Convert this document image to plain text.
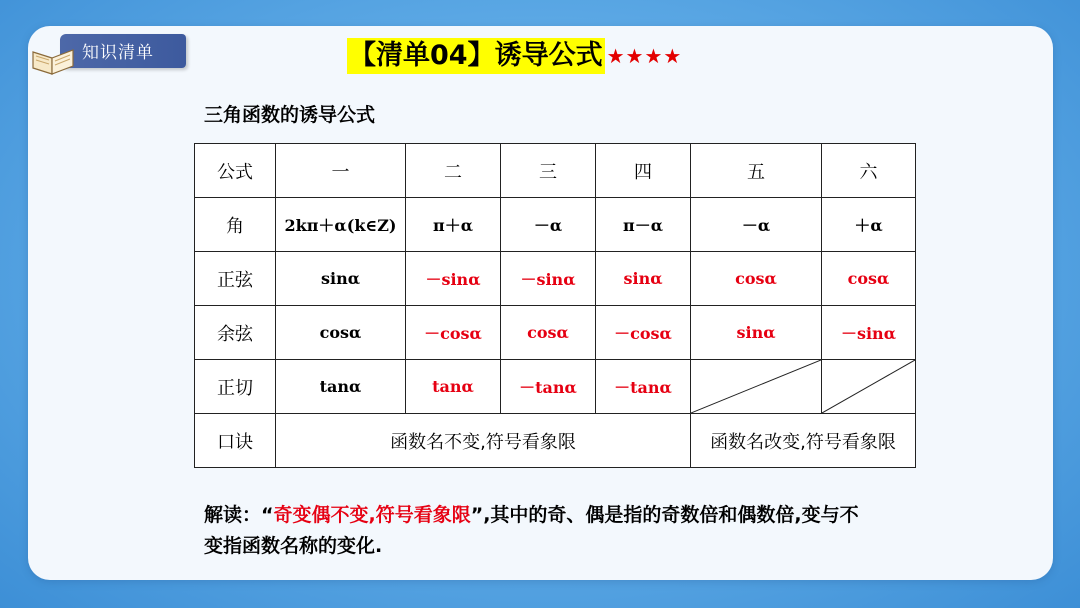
知识清单	【清单04】诱导公式 ★★★★
三角函数的诱导公式
公式	一	二	三	四	五	六
角	2kπ＋α(k∈Z)	π＋α	－α	π－α	－α	＋α
正弦	sinα	－sinα	－sinα	sinα	cosα	cosα
余弦	cosα	－cosα	cosα	－cosα	sinα	－sinα
正切	tanα	tanα	－tanα	－tanα	

口诀	函数名不变,符号看象限				函数名改变,符号看象限	
解读：“奇变偶不变,符号看象限”,其中的奇、偶是指的奇数倍和偶数倍,变与不变指函数名称的变化.
